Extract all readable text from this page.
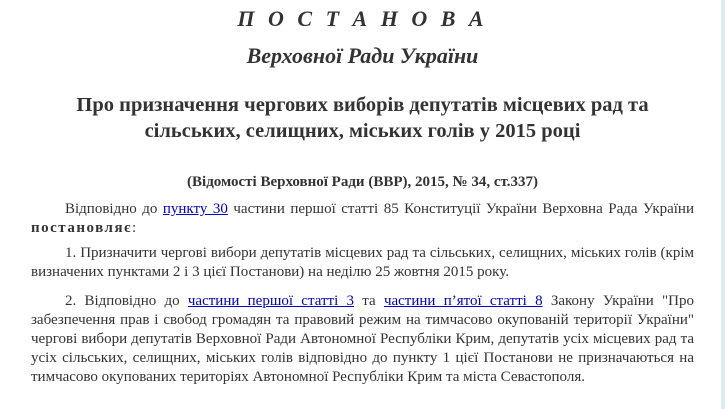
П О С Т А Н О В А
Верховної Ради України
Про призначення чергових виборів депутатів місцевих рад та сільських, селищних, міських голів у 2015 році
(Відомості Верховної Ради (ВВР), 2015, № 34, ст.337)

Відповідно до пункту 30 частини першої статті 85 Конституції України Верховна Рада України постановляє:

1. Призначити чергові вибори депутатів місцевих рад та сільських, селищних, міських голів (крім визначених пунктами 2 і 3 цієї Постанови) на неділю 25 жовтня 2015 року.

2. Відповідно до частини першої статті 3 та частини п’ятої статті 8 Закону України "Про забезпечення прав і свобод громадян та правовий режим на тимчасово окупованій території України" чергові вибори депутатів Верховної Ради Автономної Республіки Крим, депутатів усіх місцевих рад та усіх сільських, селищних, міських голів відповідно до пункту 1 цієї Постанови не призначаються на тимчасово окупованих територіях Автономної Республіки Крим та міста Севастополя.
